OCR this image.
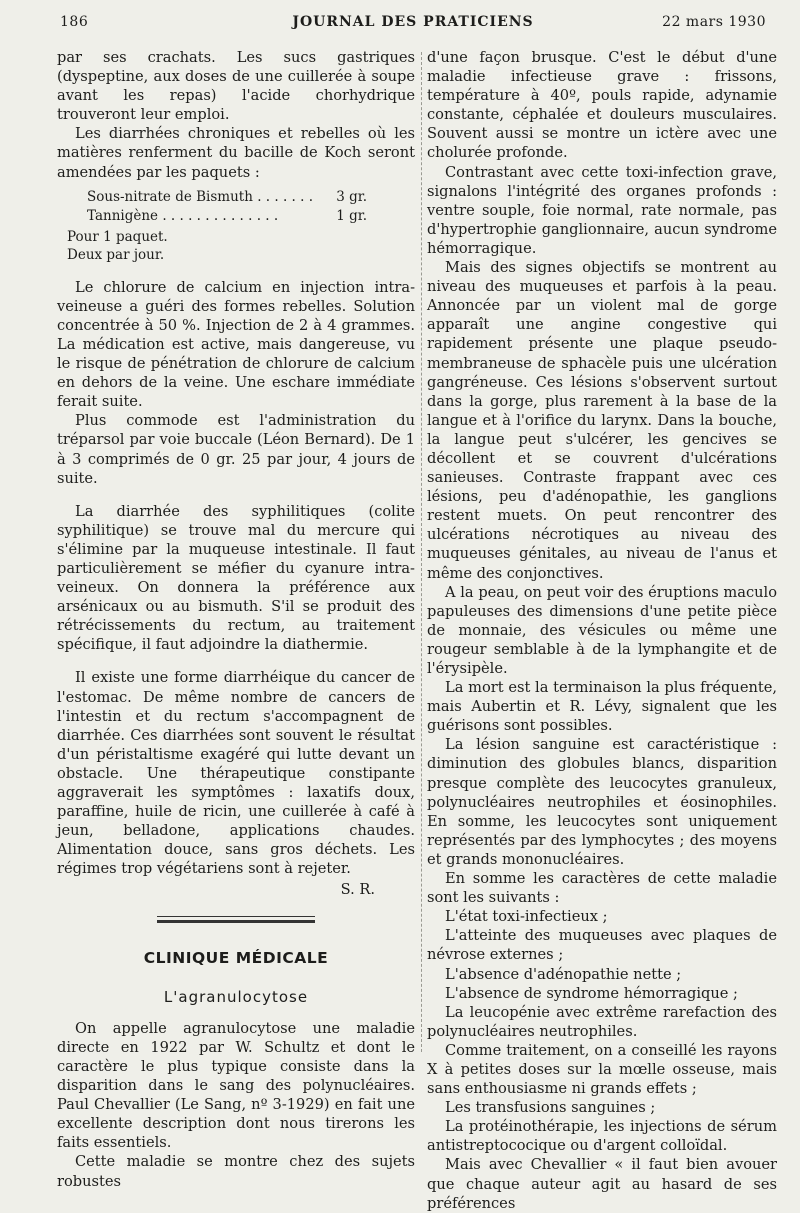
186	JOURNAL DES PRATICIENS	22 mars 1930

par ses crachats. Les sucs gastriques (dyspeptine, aux doses de une cuillerée à soupe avant les repas) l'acide chorhydrique trouveront leur emploi.

Les diarrhées chroniques et rebelles où les matières renferment du bacille de Koch seront amendées par les paquets :

Sous-nitrate de Bismuth . . . . . . . 3 gr.
Tannigène . . . . . . . . . . . . . .	1 gr.
Pour 1 paquet.
Deux par jour.

Le chlorure de calcium en injection intra-veineuse a guéri des formes rebelles. Solution concentrée à 50 %. Injection de 2 à 4 grammes. La médication est active, mais dangereuse, vu le risque de pénétration de chlorure de calcium en dehors de la veine. Une eschare immédiate ferait suite.

Plus commode est l'administration du tréparsol par voie buccale (Léon Bernard). De 1 à 3 comprimés de 0 gr. 25 par jour, 4 jours de suite.

La diarrhée des syphilitiques (colite syphilitique) se trouve mal du mercure qui s'élimine par la muqueuse intestinale. Il faut particulièrement se méfier du cyanure intra-veineux. On donnera la préférence aux arsénicaux ou au bismuth. S'il se produit des rétrécissements du rectum, au traitement spécifique, il faut adjoindre la diathermie.

Il existe une forme diarrhéique du cancer de l'estomac. De même nombre de cancers de l'intestin et du rectum s'accompagnent de diarrhée. Ces diarrhées sont souvent le résultat d'un péristaltisme exagéré qui lutte devant un obstacle. Une thérapeutique constipante aggraverait les symptômes : laxatifs doux, paraffine, huile de ricin, une cuillerée à café à jeun, belladone, applications chaudes. Alimentation douce, sans gros déchets. Les régimes trop végétariens sont à rejeter.

S. R.
CLINIQUE MÉDICALE
L'agranulocytose

On appelle agranulocytose une maladie directe en 1922 par W. Schultz et dont le caractère le plus typique consiste dans la disparition dans le sang des polynucléaires. Paul Chevallier (Le Sang, nº 3-1929) en fait une excellente description dont nous tirerons les faits essentiels.

Cette maladie se montre chez des sujets robustes

d'une façon brusque. C'est le début d'une maladie infectieuse grave : frissons, température à 40º, pouls rapide, adynamie constante, céphalée et douleurs musculaires. Souvent aussi se montre un ictère avec une cholurée profonde.

Contrastant avec cette toxi-infection grave, signalons l'intégrité des organes profonds : ventre souple, foie normal, rate normale, pas d'hypertrophie ganglionnaire, aucun syndrome hémorragique.

Mais des signes objectifs se montrent au niveau des muqueuses et parfois à la peau. Annoncée par un violent mal de gorge apparaît une angine congestive qui rapidement présente une plaque pseudo-membraneuse de sphacèle puis une ulcération gangréneuse. Ces lésions s'observent surtout dans la gorge, plus rarement à la base de la langue et à l'orifice du larynx. Dans la bouche, la langue peut s'ulcérer, les gencives se décollent et se couvrent d'ulcérations sanieuses. Contraste frappant avec ces lésions, peu d'adénopathie, les ganglions restent muets. On peut rencontrer des ulcérations nécrotiques au niveau des muqueuses génitales, au niveau de l'anus et même des conjonctives.

A la peau, on peut voir des éruptions maculo papuleuses des dimensions d'une petite pièce de monnaie, des vésicules ou même une rougeur semblable à de la lymphangite et de l'érysipèle.

La mort est la terminaison la plus fréquente, mais Aubertin et R. Lévy, signalent que les guérisons sont possibles.

La lésion sanguine est caractéristique : diminution des globules blancs, disparition presque complète des leucocytes granuleux, polynucléaires neutrophiles et éosinophiles. En somme, les leucocytes sont uniquement représentés par des lymphocytes ; des moyens et grands mononucléaires.

En somme les caractères de cette maladie sont les suivants :

L'état toxi-infectieux ;

L'atteinte des muqueuses avec plaques de névrose externes ;

L'absence d'adénopathie nette ;

L'absence de syndrome hémorragique ;

La leucopénie avec extrême rarefaction des polynucléaires neutrophiles.

Comme traitement, on a conseillé les rayons X à petites doses sur la mœlle osseuse, mais sans enthousiasme ni grands effets ;

Les transfusions sanguines ;

La protéinothérapie, les injections de sérum antistreptococique ou d'argent colloïdal.

Mais avec Chevallier « il faut bien avouer que chaque auteur agit au hasard de ses préférences
